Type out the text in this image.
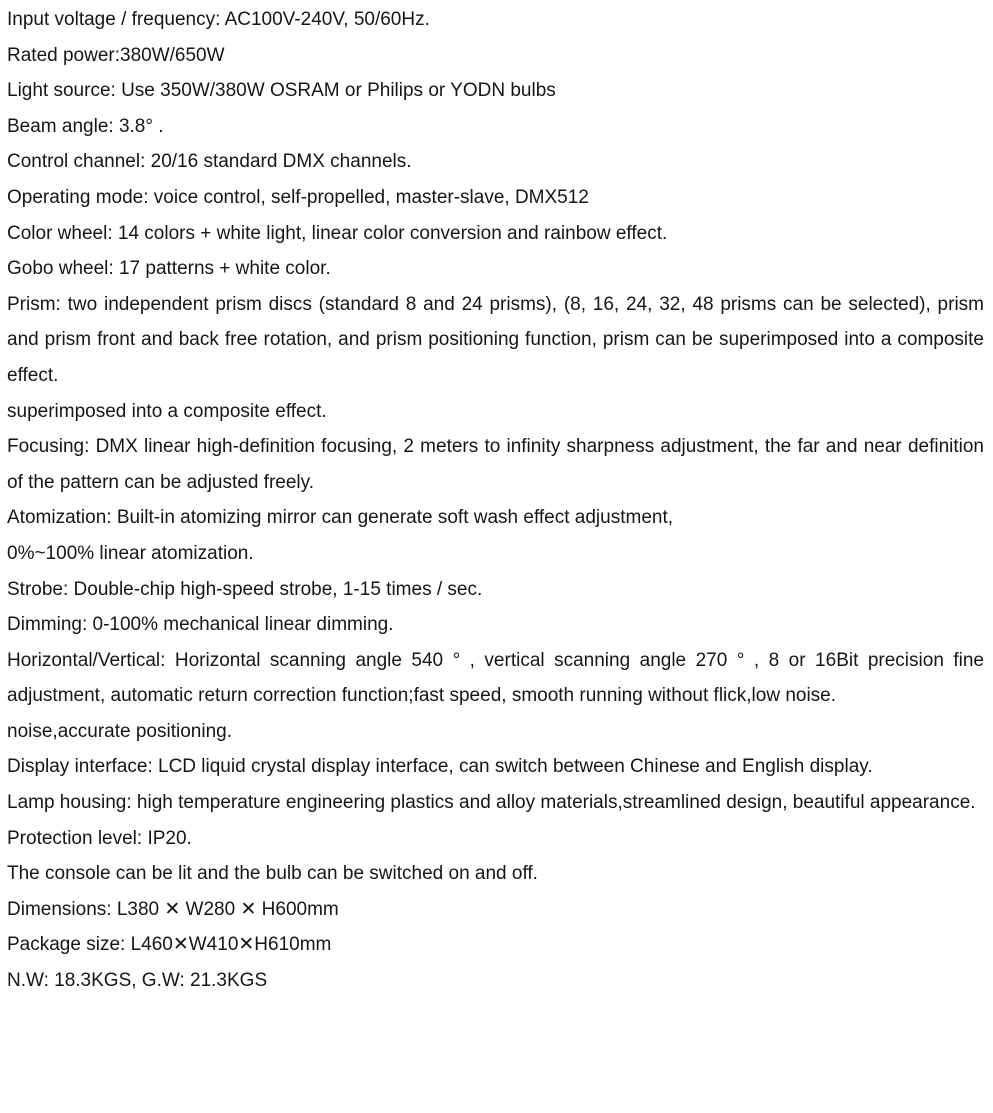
Input voltage / frequency: AC100V-240V, 50/60Hz.

Rated power:380W/650W

Light source: Use 350W/380W OSRAM or Philips or YODN bulbs

Beam angle: 3.8° .

Control channel: 20/16 standard DMX channels.

Operating mode: voice control, self-propelled, master-slave, DMX512

Color wheel: 14 colors + white light, linear color conversion and rainbow effect.

Gobo wheel: 17 patterns + white color.

Prism: two independent prism discs (standard 8 and 24 prisms), (8, 16, 24, 32, 48 prisms can be selected), prism and prism front and back free rotation, and prism positioning function, prism can be superimposed into a composite effect.

superimposed into a composite effect.

Focusing: DMX linear high-definition focusing, 2 meters to infinity sharpness adjustment, the far and near definition of the pattern can be adjusted freely.

Atomization: Built-in atomizing mirror can generate soft wash effect adjustment,

0%~100% linear atomization.

Strobe: Double-chip high-speed strobe, 1-15 times / sec.

Dimming: 0-100% mechanical linear dimming.

Horizontal/Vertical: Horizontal scanning angle 540 ° , vertical scanning angle 270 ° , 8 or 16Bit precision fine adjustment, automatic return correction function;fast speed, smooth running without flick,low noise.

noise,accurate positioning.

Display interface: LCD liquid crystal display interface, can switch between Chinese and English display.

Lamp housing: high temperature engineering plastics and alloy materials,streamlined design, beautiful appearance.

Protection level: IP20.

The console can be lit and the bulb can be switched on and off.

Dimensions: L380 ✕ W280 ✕ H600mm

Package size: L460✕W410✕H610mm

N.W: 18.3KGS, G.W: 21.3KGS
